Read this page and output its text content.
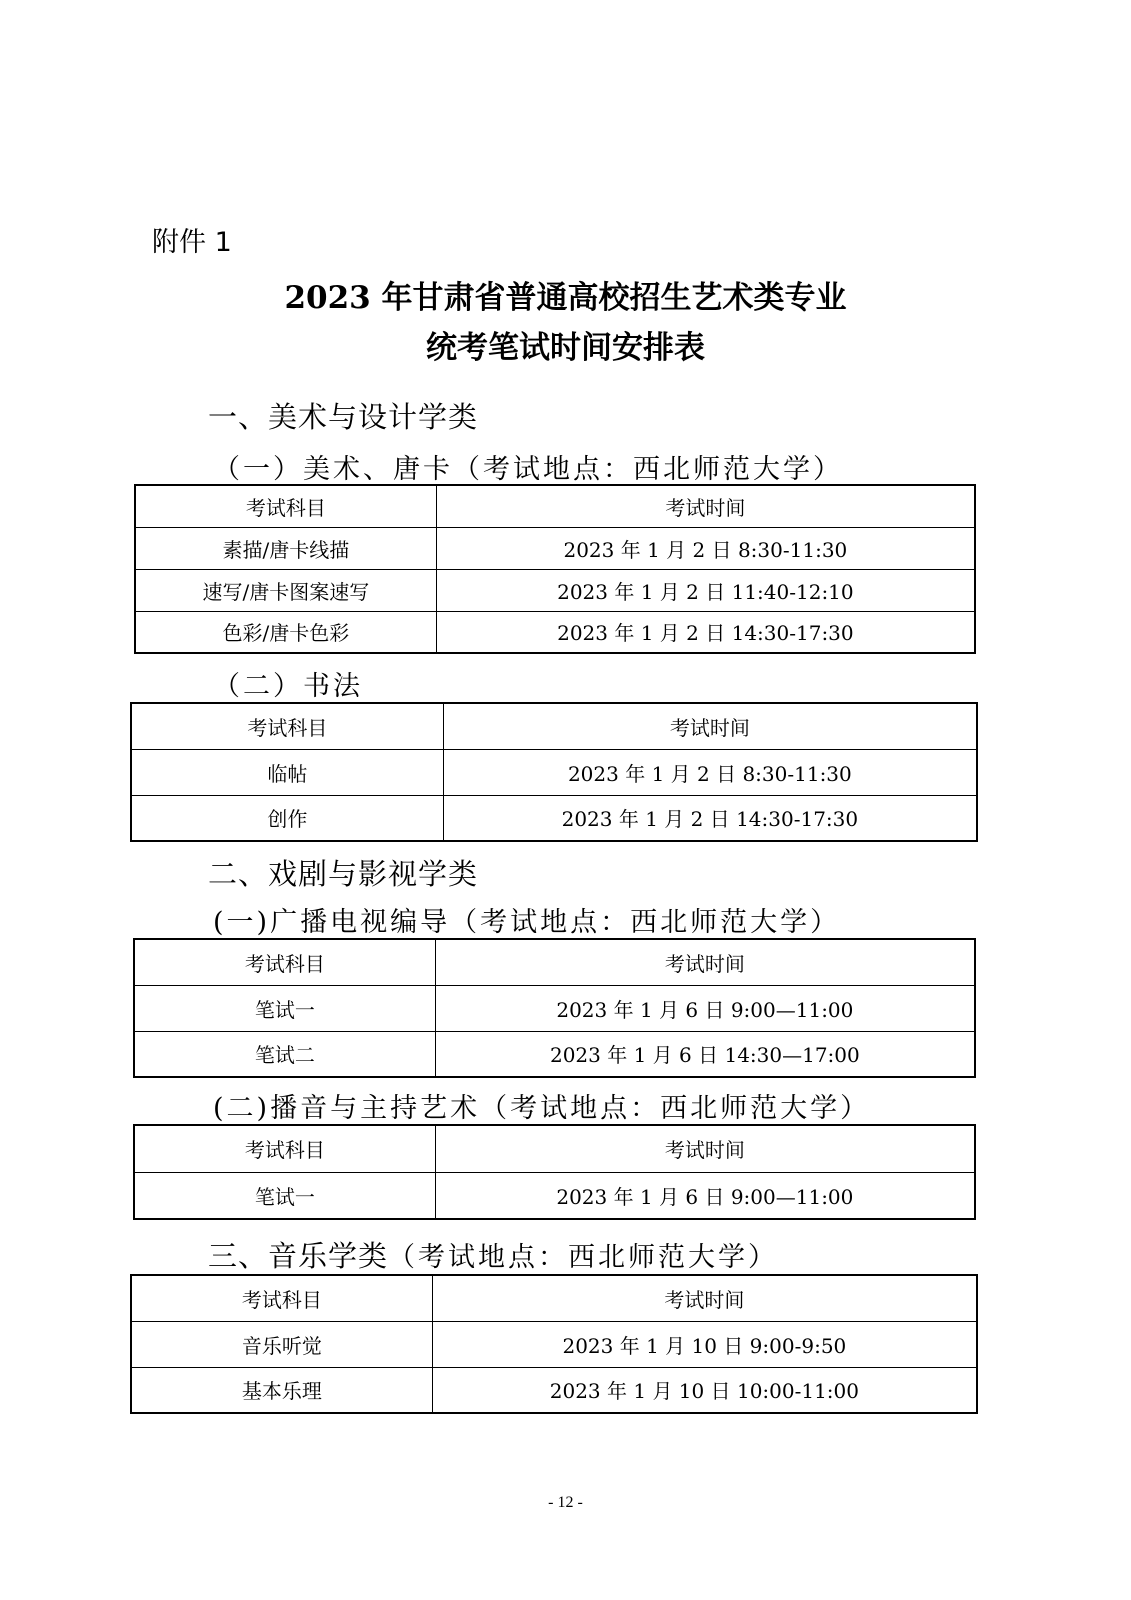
附件 1
2023 年甘肃省普通高校招生艺术类专业
统考笔试时间安排表
一、美术与设计学类
（一）美术、唐卡（考试地点：西北师范大学）
考试科目	考试时间
素描/唐卡线描	2023 年 1 月 2 日 8:30-11:30
速写/唐卡图案速写	2023 年 1 月 2 日 11:40-12:10
色彩/唐卡色彩	2023 年 1 月 2 日 14:30-17:30
（二）书法
考试科目	考试时间
临帖	2023 年 1 月 2 日 8:30-11:30
创作	2023 年 1 月 2 日 14:30-17:30
二、戏剧与影视学类
(一)广播电视编导（考试地点：西北师范大学）
考试科目	考试时间
笔试一	2023 年 1 月 6 日 9:00—11:00
笔试二	2023 年 1 月 6 日 14:30—17:00
(二)播音与主持艺术（考试地点：西北师范大学）
考试科目	考试时间
笔试一	2023 年 1 月 6 日 9:00—11:00
三、音乐学类（考试地点：西北师范大学）
考试科目	考试时间
音乐听觉	2023 年 1 月 10 日 9:00-9:50
基本乐理	2023 年 1 月 10 日 10:00-11:00
- 12 -
